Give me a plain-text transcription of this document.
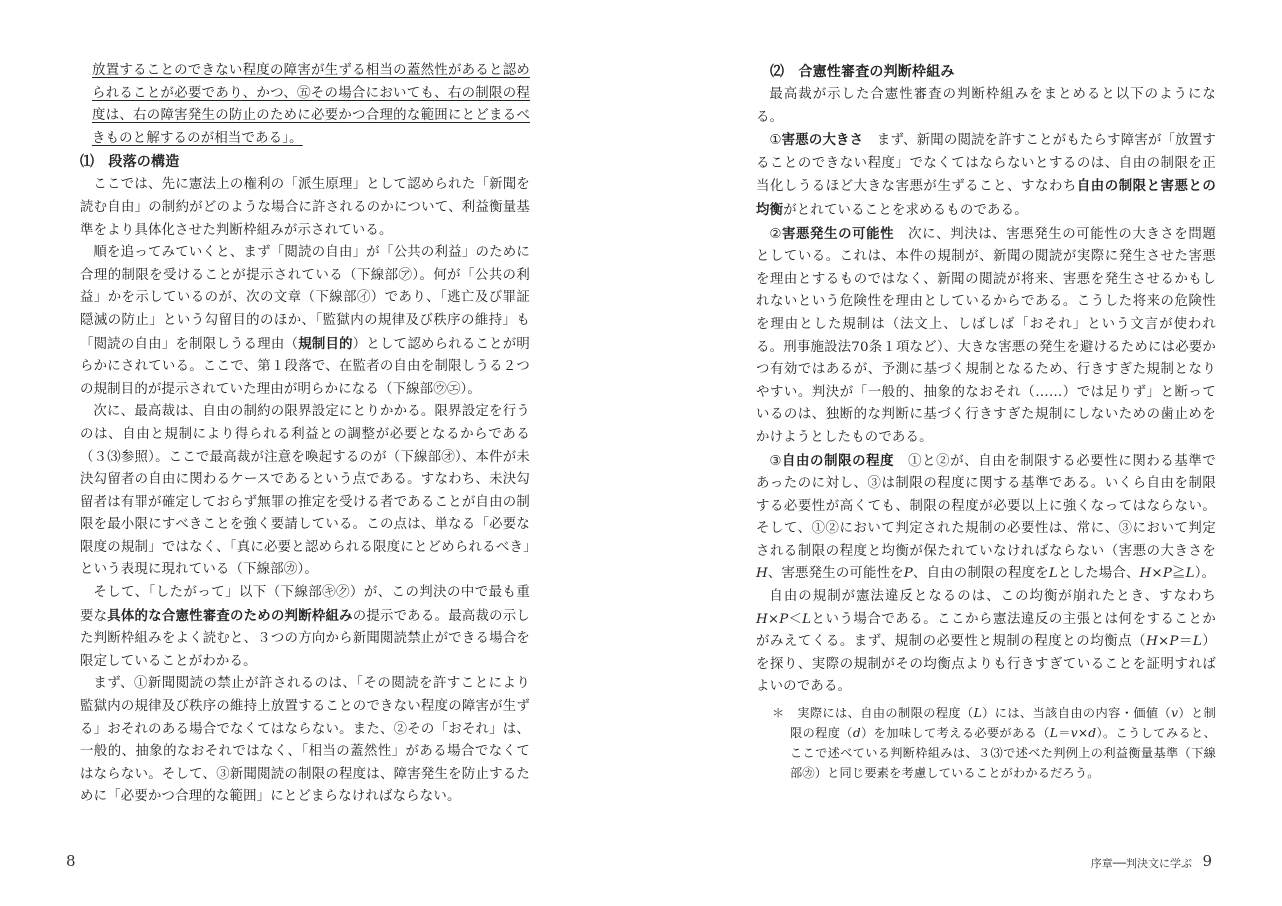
放置することのできない程度の障害が生ずる相当の蓋然性があると認められることが必要であり、かつ、㊄その場合においても、右の制限の程度は、右の障害発生の防止のために必要かつ合理的な範囲にとどまるべきものと解するのが相当である」。

⑴　段落の構造

ここでは、先に憲法上の権利の「派生原理」として認められた「新聞を読む自由」の制約がどのような場合に許されるのかについて、利益衡量基準をより具体化させた判断枠組みが示されている。

順を追ってみていくと、まず「閲読の自由」が「公共の利益」のために合理的制限を受けることが提示されている（下線部㋐）。何が「公共の利益」かを示しているのが、次の文章（下線部㋑）であり、「逃亡及び罪証隠滅の防止」という勾留目的のほか、「監獄内の規律及び秩序の維持」も「閲読の自由」を制限しうる理由（規制目的）として認められることが明らかにされている。ここで、第１段落で、在監者の自由を制限しうる２つの規制目的が提示されていた理由が明らかになる（下線部㋒㋓）。

次に、最高裁は、自由の制約の限界設定にとりかかる。限界設定を行うのは、自由と規制により得られる利益との調整が必要となるからである（３⑶参照）。ここで最高裁が注意を喚起するのが（下線部㋔）、本件が未決勾留者の自由に関わるケースであるという点である。すなわち、未決勾留者は有罪が確定しておらず無罪の推定を受ける者であることが自由の制限を最小限にすべきことを強く要請している。この点は、単なる「必要な限度の規制」ではなく、「真に必要と認められる限度にとどめられるべき」という表現に現れている（下線部㋕）。

そして、「したがって」以下（下線部㋖㋗）が、この判決の中で最も重要な具体的な合憲性審査のための判断枠組みの提示である。最高裁の示した判断枠組みをよく読むと、３つの方向から新聞閲読禁止ができる場合を限定していることがわかる。

まず、①新聞閲読の禁止が許されるのは、「その閲読を許すことにより監獄内の規律及び秩序の維持上放置することのできない程度の障害が生ずる」おそれのある場合でなくてはならない。また、②その「おそれ」は、一般的、抽象的なおそれではなく、「相当の蓋然性」がある場合でなくてはならない。そして、③新聞閲読の制限の程度は、障害発生を防止するために「必要かつ合理的な範囲」にとどまらなければならない。

8
⑵　合憲性審査の判断枠組み

最高裁が示した合憲性審査の判断枠組みをまとめると以下のようになる。

①害悪の大きさ　まず、新聞の閲読を許すことがもたらす障害が「放置することのできない程度」でなくてはならないとするのは、自由の制限を正当化しうるほど大きな害悪が生ずること、すなわち自由の制限と害悪との均衡がとれていることを求めるものである。

②害悪発生の可能性　次に、判決は、害悪発生の可能性の大きさを問題としている。これは、本件の規制が、新聞の閲読が実際に発生させた害悪を理由とするものではなく、新聞の閲読が将来、害悪を発生させるかもしれないという危険性を理由としているからである。こうした将来の危険性を理由とした規制は（法文上、しばしば「おそれ」という文言が使われる。刑事施設法70条１項など）、大きな害悪の発生を避けるためには必要かつ有効ではあるが、予測に基づく規制となるため、行きすぎた規制となりやすい。判決が「一般的、抽象的なおそれ（……）では足りず」と断っているのは、独断的な判断に基づく行きすぎた規制にしないための歯止めをかけようとしたものである。

③自由の制限の程度　①と②が、自由を制限する必要性に関わる基準であったのに対し、③は制限の程度に関する基準である。いくら自由を制限する必要性が高くても、制限の程度が必要以上に強くなってはならない。そして、①②において判定された規制の必要性は、常に、③において判定される制限の程度と均衡が保たれていなければならない（害悪の大きさを𝐻、害悪発生の可能性を𝑃、自由の制限の程度を𝐿とした場合、𝐻×𝑃≧𝐿）。

自由の規制が憲法違反となるのは、この均衡が崩れたとき、すなわち𝐻×𝑃＜𝐿という場合である。ここから憲法違反の主張とは何をすることかがみえてくる。まず、規制の必要性と規制の程度との均衡点（𝐻×𝑃＝𝐿）を探り、実際の規制がその均衡点よりも行きすぎていることを証明すればよいのである。

＊　 実際には、自由の制限の程度（𝐿）には、当該自由の内容・価値（𝑣）と制限の程度（𝑑）を加味して考える必要がある（𝐿＝𝑣×𝑑）。こうしてみると、ここで述べている判断枠組みは、３⑶で述べた判例上の利益衡量基準（下線部㋕）と同じ要素を考慮していることがわかるだろう。

序章──判決文に学ぶ 9
